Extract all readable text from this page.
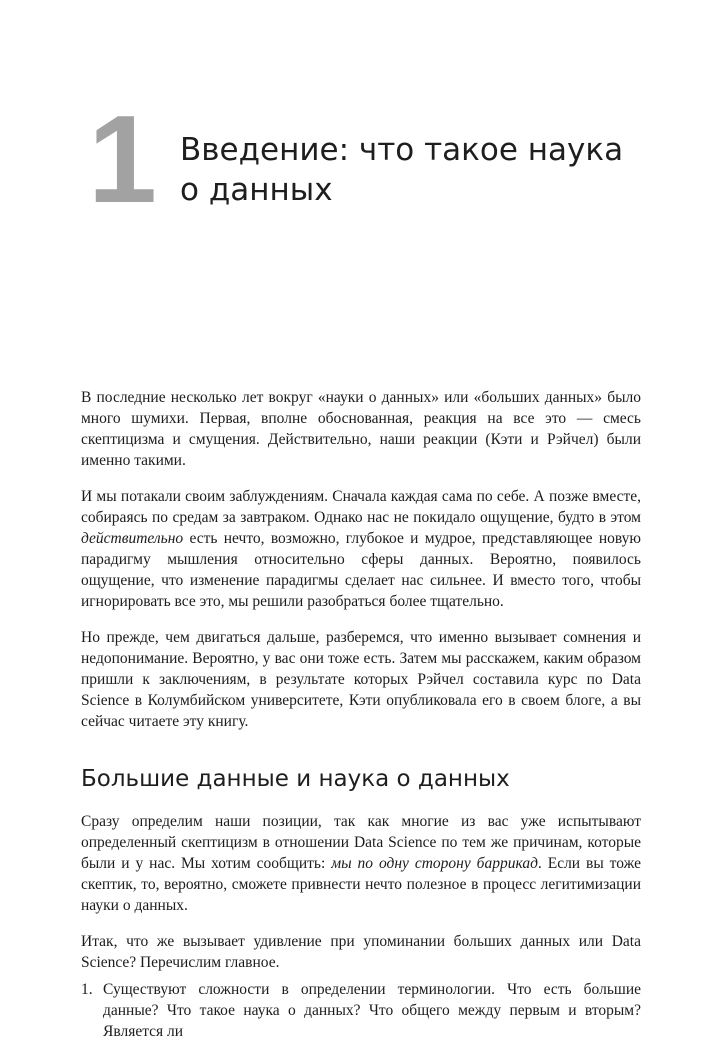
1 Введение: что такое наука о данных

В последние несколько лет вокруг «науки о данных» или «больших данных» было много шумихи. Первая, вполне обоснованная, реакция на все это — смесь скептицизма и смущения. Действительно, наши реакции (Кэти и Рэйчел) были именно такими.

И мы потакали своим заблуждениям. Сначала каждая сама по себе. А позже вместе, собираясь по средам за завтраком. Однако нас не покидало ощущение, будто в этом действительно есть нечто, возможно, глубокое и мудрое, представляющее новую парадигму мышления относительно сферы данных. Вероятно, появилось ощущение, что изменение парадигмы сделает нас сильнее. И вместо того, чтобы игнорировать все это, мы решили разобраться более тщательно.

Но прежде, чем двигаться дальше, разберемся, что именно вызывает сомнения и недопонимание. Вероятно, у вас они тоже есть. Затем мы расскажем, каким образом пришли к заключениям, в результате которых Рэйчел составила курс по Data Science в Колумбийском университете, Кэти опубликовала его в своем блоге, а вы сейчас читаете эту книгу.

Большие данные и наука о данных

Сразу определим наши позиции, так как многие из вас уже испытывают определенный скептицизм в отношении Data Science по тем же причинам, которые были и у нас. Мы хотим сообщить: мы по одну сторону баррикад. Если вы тоже скептик, то, вероятно, сможете привнести нечто полезное в процесс легитимизации науки о данных.

Итак, что же вызывает удивление при упоминании больших данных или Data Science? Перечислим главное.

1. Существуют сложности в определении терминологии. Что есть большие данные? Что такое наука о данных? Что общего между первым и вторым? Является ли
